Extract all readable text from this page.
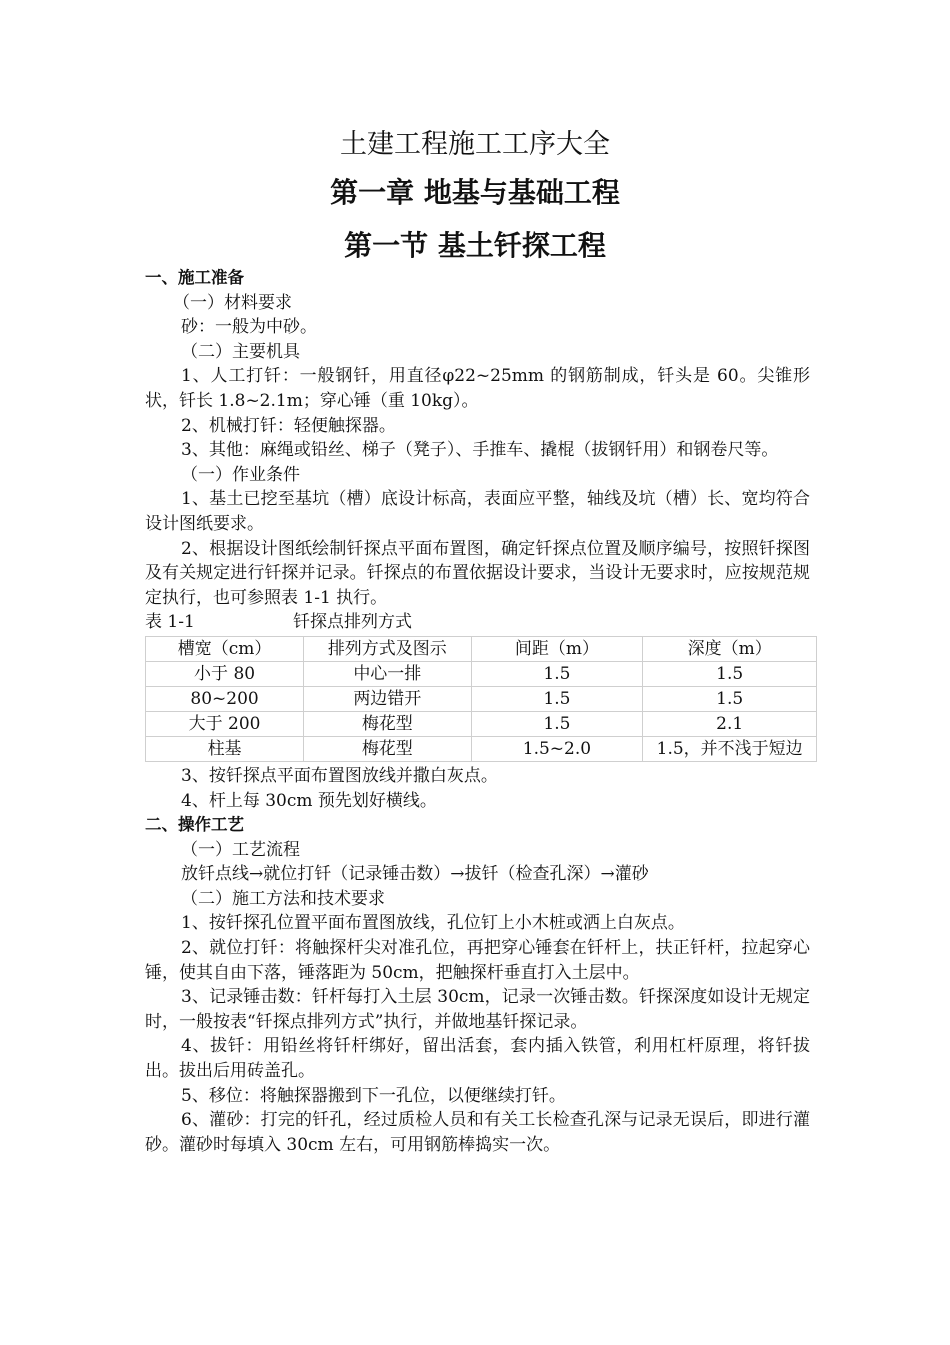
土建工程施工工序大全
第一章 地基与基础工程
第一节 基土钎探工程

一、施工准备

（一）材料要求

砂：一般为中砂。

（二）主要机具

1、人工打钎：一般钢钎，用直径φ22~25mm 的钢筋制成，钎头是 60。尖锥形状，钎长 1.8~2.1m；穿心锤（重 10kg）。

2、机械打钎：轻便触探器。

3、其他：麻绳或铅丝、梯子（凳子）、手推车、撬棍（拔钢钎用）和钢卷尺等。

（一）作业条件

1、基土已挖至基坑（槽）底设计标高，表面应平整，轴线及坑（槽）长、宽均符合设计图纸要求。

2、根据设计图纸绘制钎探点平面布置图，确定钎探点位置及顺序编号，按照钎探图及有关规定进行钎探并记录。钎探点的布置依据设计要求，当设计无要求时，应按规范规定执行，也可参照表 1-1 执行。

表 1-1	钎探点排列方式
槽宽（cm）	排列方式及图示	间距（m）	深度（m）
小于 80	中心一排	1.5	1.5
80~200	两边错开	1.5	1.5
大于 200	梅花型	1.5	2.1
柱基	梅花型	1.5~2.0	1.5，并不浅于短边

3、按钎探点平面布置图放线并撒白灰点。

4、杆上每 30cm 预先划好横线。

二、操作工艺

（一）工艺流程

放钎点线→就位打钎（记录锤击数）→拔钎（检查孔深）→灌砂

（二）施工方法和技术要求

1、按钎探孔位置平面布置图放线，孔位钉上小木桩或洒上白灰点。

2、就位打钎：将触探杆尖对准孔位，再把穿心锤套在钎杆上，扶正钎杆，拉起穿心锤，使其自由下落，锤落距为 50cm，把触探杆垂直打入土层中。

3、记录锤击数：钎杆每打入土层 30cm，记录一次锤击数。钎探深度如设计无规定时，一般按表“钎探点排列方式”执行，并做地基钎探记录。

4、拔钎：用铅丝将钎杆绑好，留出活套，套内插入铁管，利用杠杆原理，将钎拔出。拔出后用砖盖孔。

5、移位：将触探器搬到下一孔位，以便继续打钎。

6、灌砂：打完的钎孔，经过质检人员和有关工长检查孔深与记录无误后，即进行灌砂。灌砂时每填入 30cm 左右，可用钢筋棒捣实一次。
